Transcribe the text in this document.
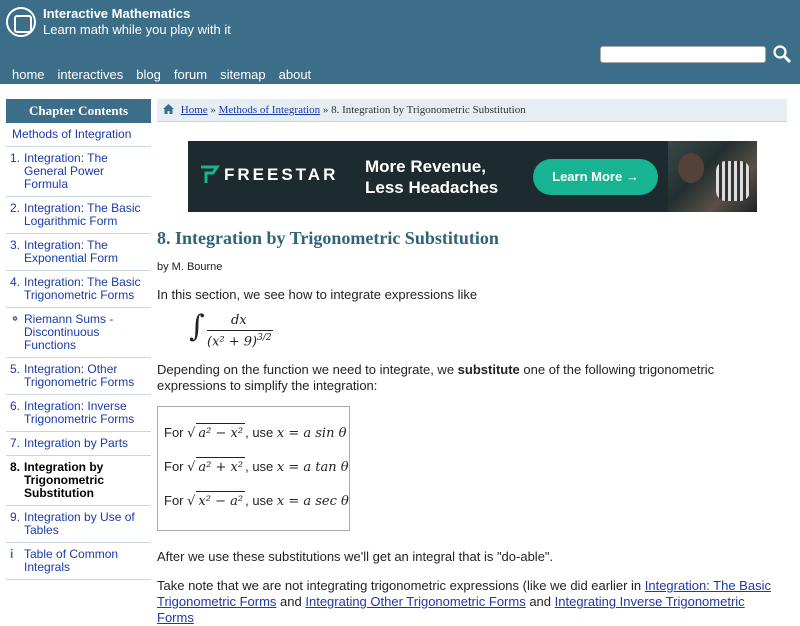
Interactive Mathematics
Learn math while you play with it
home interactives blog forum sitemap about
Chapter Contents
Methods of Integration
1. Integration: The General Power Formula
2. Integration: The Basic Logarithmic Form
3. Integration: The Exponential Form
4. Integration: The Basic Trigonometric Forms
⚬ Riemann Sums - Discontinuous Functions
5. Integration: Other Trigonometric Forms
6. Integration: Inverse Trigonometric Forms
7. Integration by Parts
8. Integration by Trigonometric Substitution
9. Integration by Use of Tables
i Table of Common Integrals
Home » Methods of Integration » 8. Integration by Trigonometric Substitution
FREESTAR More Revenue,
Less Headaches
Learn More →
8. Integration by Trigonometric Substitution
by M. Bourne

In this section, we see how to integrate expressions like

∫ dx
$(x^2 + 9)^{3/2}$

Depending on the function we need to integrate, we substitute one of the following trigonometric expressions to simplify the integration:

For √ a² − x² , use x = a sin θ
For √ a² + x² , use x = a tan θ
For √ x² − a² , use x = a sec θ

After we use these substitutions we'll get an integral that is "do-able".

Take note that we are not integrating trigonometric expressions (like we did earlier in Integration: The Basic Trigonometric Forms and Integrating Other Trigonometric Forms and Integrating Inverse Trigonometric Forms
